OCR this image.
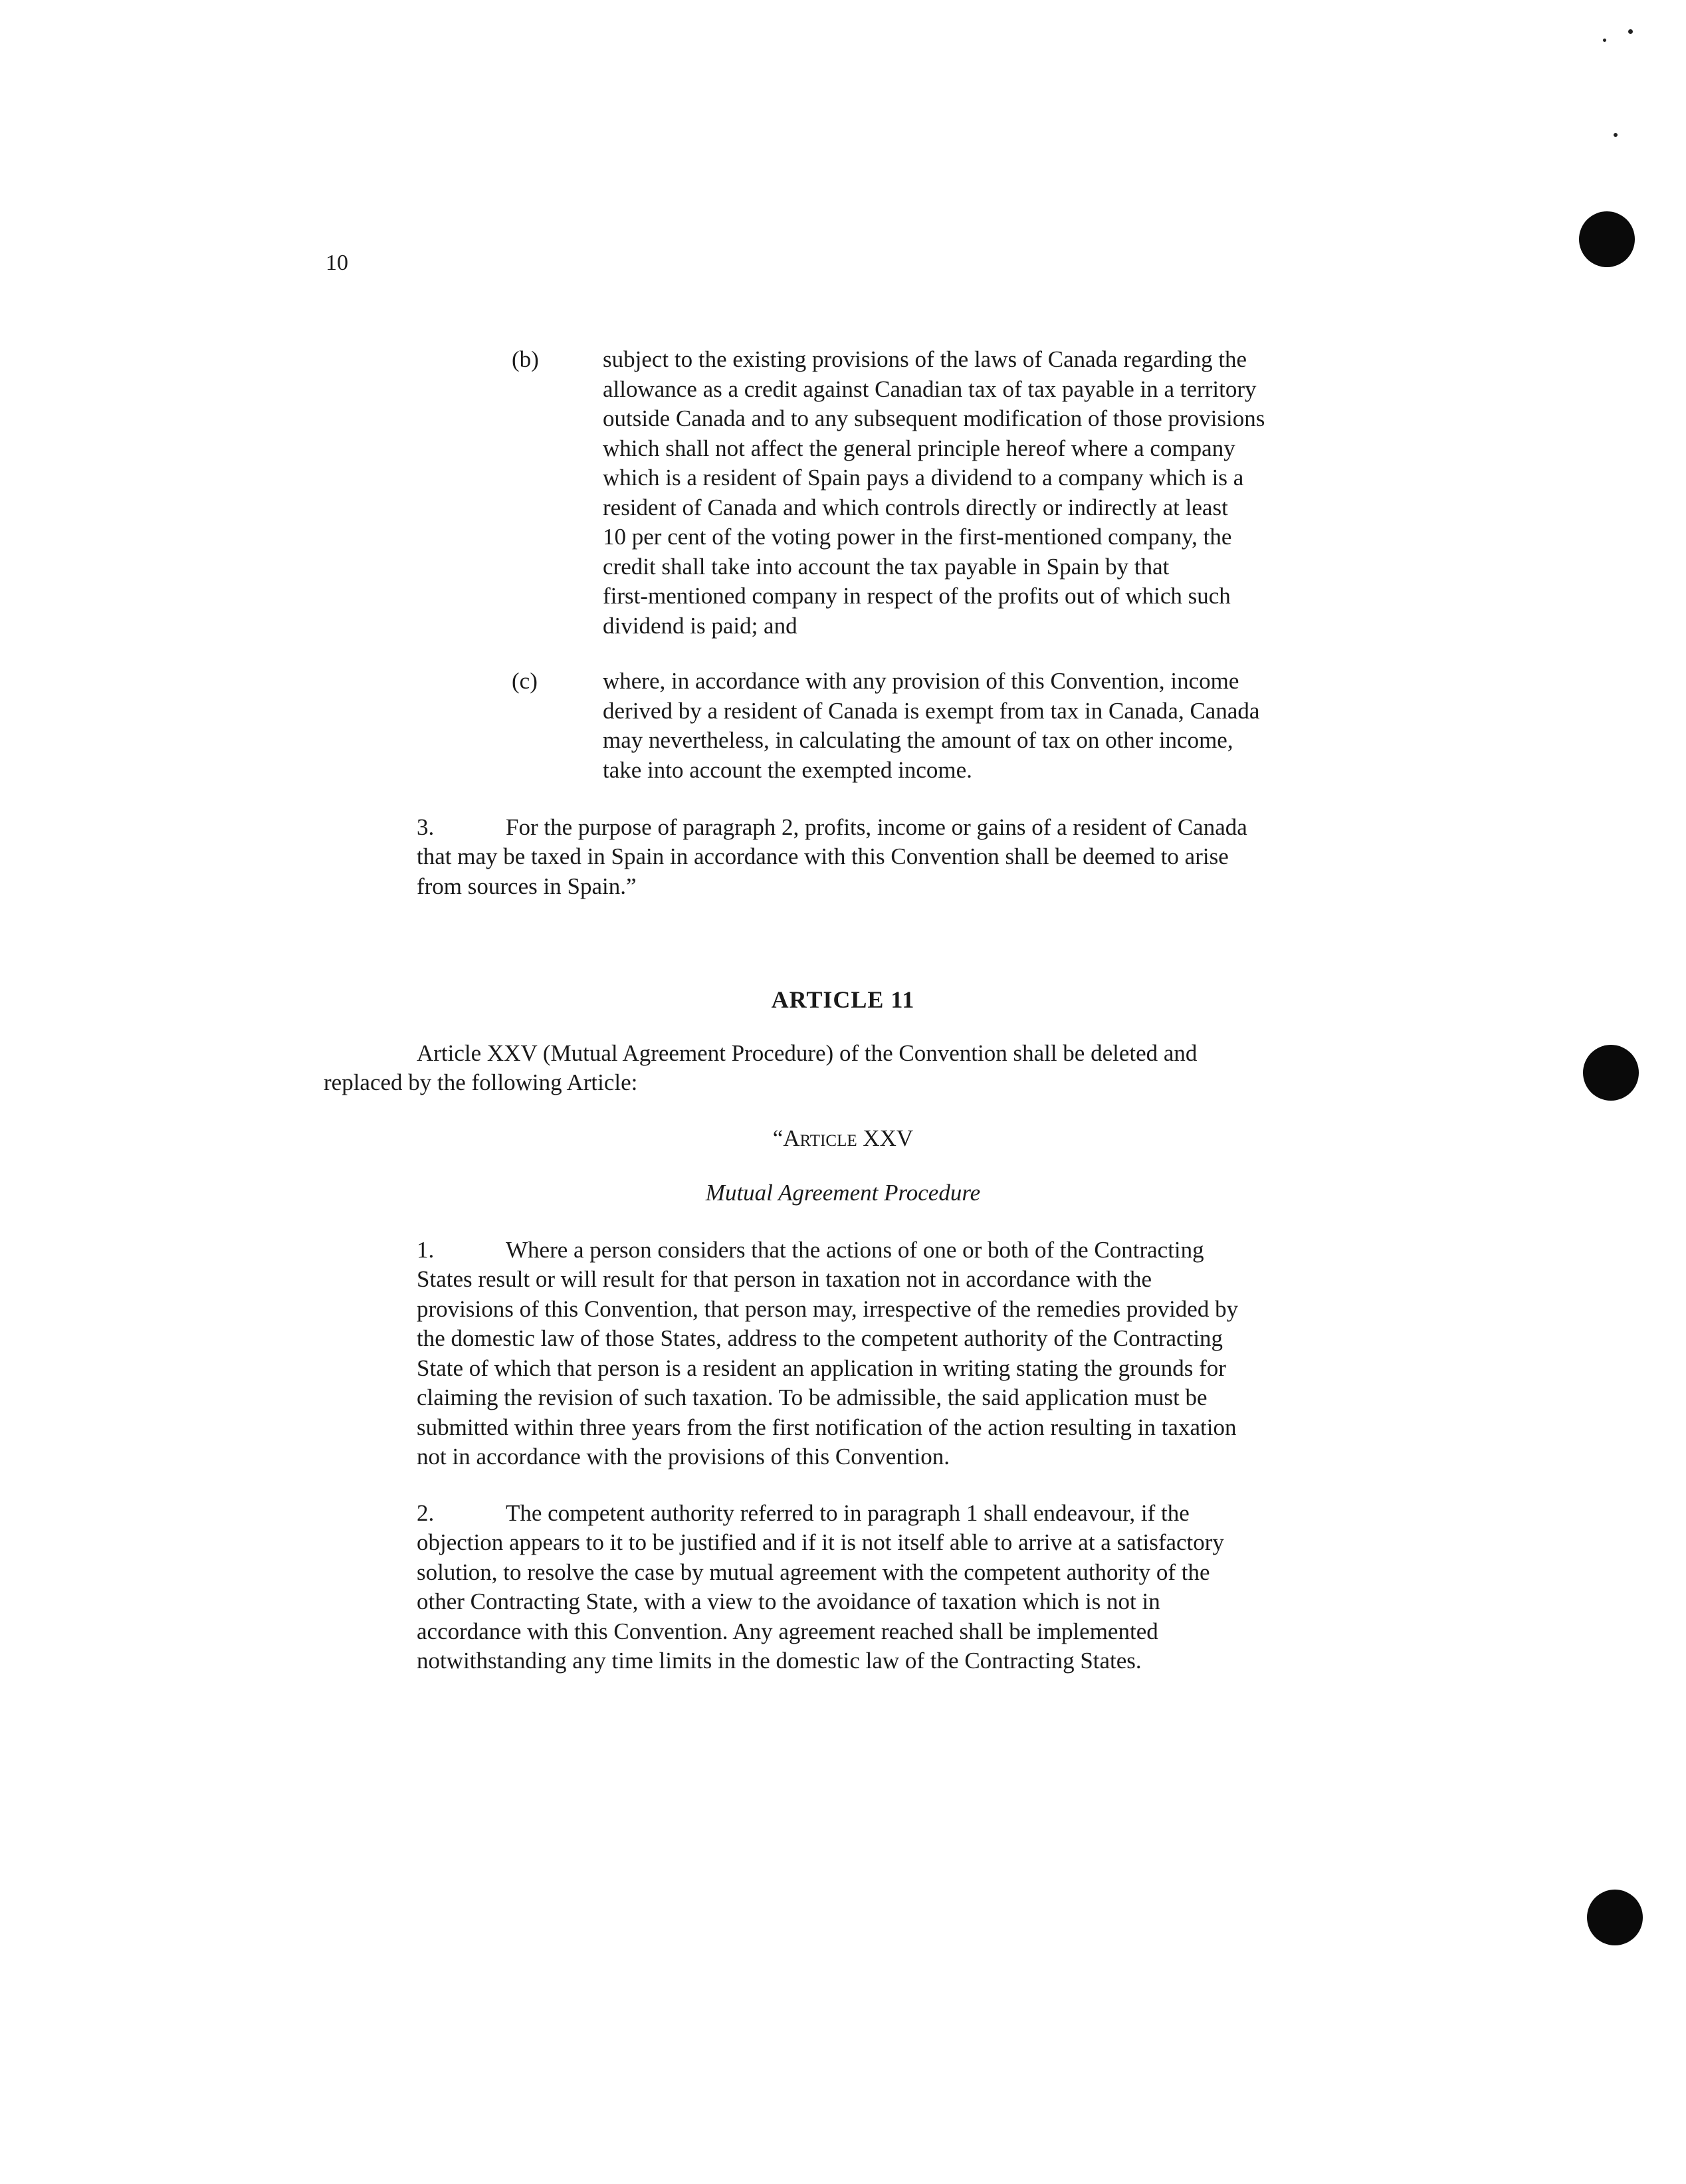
10
(b)	subject to the existing provisions of the laws of Canada regarding the
allowance as a credit against Canadian tax of tax payable in a territory
outside Canada and to any subsequent modification of those provisions
which shall not affect the general principle hereof where a company
which is a resident of Spain pays a dividend to a company which is a
resident of Canada and which controls directly or indirectly at least
10 per cent of the voting power in the first-mentioned company, the
credit shall take into account the tax payable in Spain by that
first-mentioned company in respect of the profits out of which such
dividend is paid; and
(c)	where, in accordance with any provision of this Convention, income
derived by a resident of Canada is exempt from tax in Canada, Canada
may nevertheless, in calculating the amount of tax on other income,
take into account the exempted income.
3.	For the purpose of paragraph 2, profits, income or gains of a resident of Canada
that may be taxed in Spain in accordance with this Convention shall be deemed to arise
from sources in Spain.”
ARTICLE 11
Article XXV (Mutual Agreement Procedure) of the Convention shall be deleted and
replaced by the following Article:
“Article XXV
Mutual Agreement Procedure
1.	Where a person considers that the actions of one or both of the Contracting
States result or will result for that person in taxation not in accordance with the
provisions of this Convention, that person may, irrespective of the remedies provided by
the domestic law of those States, address to the competent authority of the Contracting
State of which that person is a resident an application in writing stating the grounds for
claiming the revision of such taxation. To be admissible, the said application must be
submitted within three years from the first notification of the action resulting in taxation
not in accordance with the provisions of this Convention.
2.	The competent authority referred to in paragraph 1 shall endeavour, if the
objection appears to it to be justified and if it is not itself able to arrive at a satisfactory
solution, to resolve the case by mutual agreement with the competent authority of the
other Contracting State, with a view to the avoidance of taxation which is not in
accordance with this Convention. Any agreement reached shall be implemented
notwithstanding any time limits in the domestic law of the Contracting States.
